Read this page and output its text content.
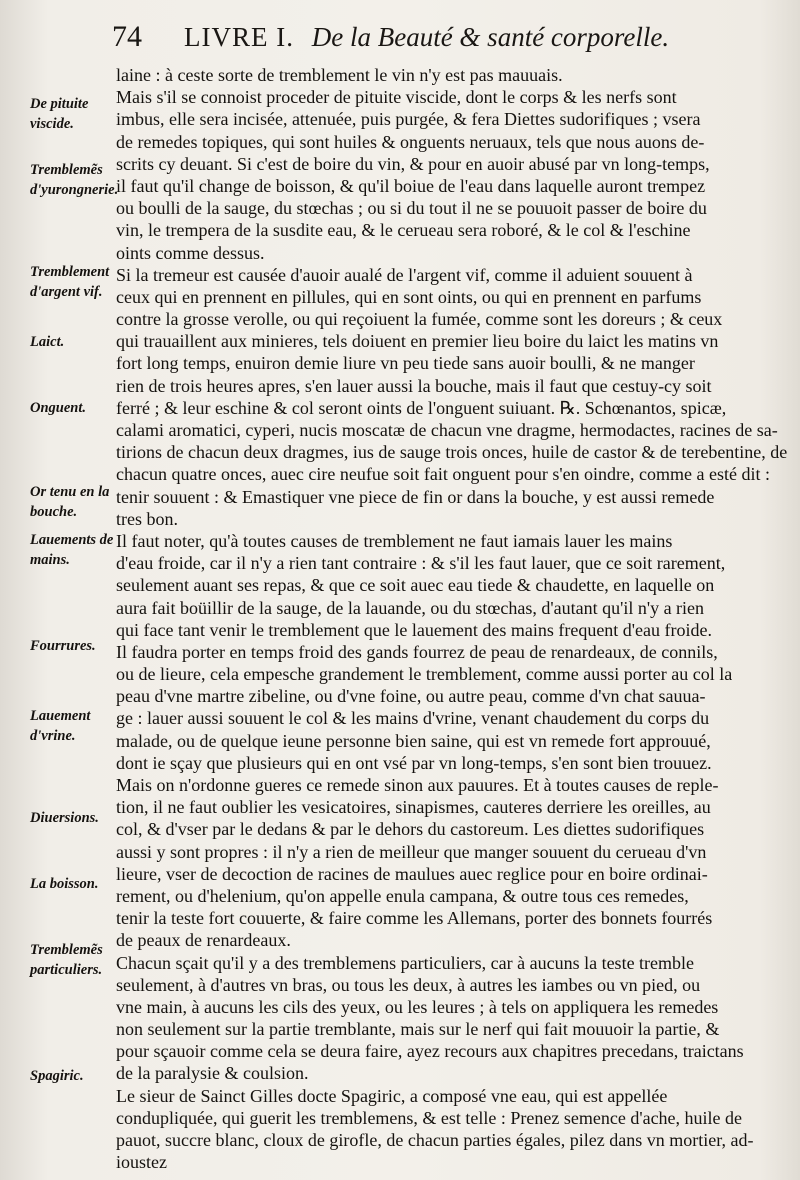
74 LIVRE I. De la Beauté & santé corporelle.
De pituite viscide.
Tremblemẽs d'yurongnerie.
Tremblement d'argent vif.
Laict.
Onguent.
Or tenu en la bouche.
Lauements de mains.
Fourrures.
Lauement d'vrine.
Diuersions.
La boisson.
Tremblemẽs particuliers.
Spagiric.
laine : à ceste sorte de tremblement le vin n'y est pas mauuais.
Mais s'il se connoist proceder de pituite viscide, dont le corps & les nerfs sont
imbus, elle sera incisée, attenuée, puis purgée, & fera Diettes sudorifiques ; vsera
de remedes topiques, qui sont huiles & onguents neruaux, tels que nous auons de-
scrits cy deuant. Si c'est de boire du vin, & pour en auoir abusé par vn long-temps,
il faut qu'il change de boisson, & qu'il boiue de l'eau dans laquelle auront trempez
ou boulli de la sauge, du stœchas ; ou si du tout il ne se pouuoit passer de boire du
vin, le trempera de la susdite eau, & le cerueau sera roboré, & le col & l'eschine
oints comme dessus.
Si la tremeur est causée d'auoir aualé de l'argent vif, comme il aduient souuent à
ceux qui en prennent en pillules, qui en sont oints, ou qui en prennent en parfums
contre la grosse verolle, ou qui reçoiuent la fumée, comme sont les doreurs ; & ceux
qui trauaillent aux minieres, tels doiuent en premier lieu boire du laict les matins vn
fort long temps, enuiron demie liure vn peu tiede sans auoir boulli, & ne manger
rien de trois heures apres, s'en lauer aussi la bouche, mais il faut que cestuy-cy soit
ferré ; & leur eschine & col seront oints de l'onguent suiuant. ℞. Schœnantos, spicæ,
calami aromatici, cyperi, nucis moscatæ de chacun vne dragme, hermodactes, racines de sa-
tirions de chacun deux dragmes, ius de sauge trois onces, huile de castor & de terebentine, de
chacun quatre onces, auec cire neufue soit fait onguent pour s'en oindre, comme a esté dit :
tenir souuent : & Emastiquer vne piece de fin or dans la bouche, y est aussi remede
tres bon.
Il faut noter, qu'à toutes causes de tremblement ne faut iamais lauer les mains
d'eau froide, car il n'y a rien tant contraire : & s'il les faut lauer, que ce soit rarement,
seulement auant ses repas, & que ce soit auec eau tiede & chaudette, en laquelle on
aura fait boüillir de la sauge, de la lauande, ou du stœchas, d'autant qu'il n'y a rien
qui face tant venir le tremblement que le lauement des mains frequent d'eau froide.
Il faudra porter en temps froid des gands fourrez de peau de renardeaux, de connils,
ou de lieure, cela empesche grandement le tremblement, comme aussi porter au col la
peau d'vne martre zibeline, ou d'vne foine, ou autre peau, comme d'vn chat sauua-
ge : lauer aussi souuent le col & les mains d'vrine, venant chaudement du corps du
malade, ou de quelque ieune personne bien saine, qui est vn remede fort approuué,
dont ie sçay que plusieurs qui en ont vsé par vn long-temps, s'en sont bien trouuez.
Mais on n'ordonne gueres ce remede sinon aux pauures. Et à toutes causes de reple-
tion, il ne faut oublier les vesicatoires, sinapismes, cauteres derriere les oreilles, au
col, & d'vser par le dedans & par le dehors du castoreum. Les diettes sudorifiques
aussi y sont propres : il n'y a rien de meilleur que manger souuent du cerueau d'vn
lieure, vser de decoction de racines de maulues auec reglice pour en boire ordinai-
rement, ou d'helenium, qu'on appelle enula campana, & outre tous ces remedes,
tenir la teste fort couuerte, & faire comme les Allemans, porter des bonnets fourrés
de peaux de renardeaux.
Chacun sçait qu'il y a des tremblemens particuliers, car à aucuns la teste tremble
seulement, à d'autres vn bras, ou tous les deux, à autres les iambes ou vn pied, ou
vne main, à aucuns les cils des yeux, ou les leures ; à tels on appliquera les remedes
non seulement sur la partie tremblante, mais sur le nerf qui fait mouuoir la partie, &
pour sçauoir comme cela se deura faire, ayez recours aux chapitres precedans, traictans
de la paralysie & coulsion.
Le sieur de Sainct Gilles docte Spagiric, a composé vne eau, qui est appellée
condupliquée, qui guerit les tremblemens, & est telle : Prenez semence d'ache, huile de
pauot, succre blanc, cloux de girofle, de chacun parties égales, pilez dans vn mortier, ad-
ioustez
